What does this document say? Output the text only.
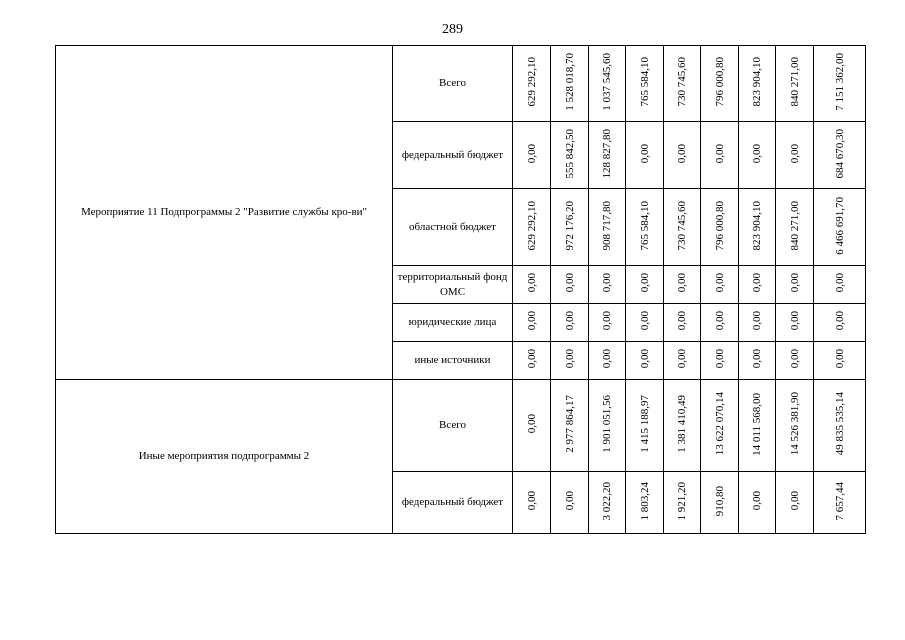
289
Мероприятие 11 Подпрограммы 2 "Развитие службы кро-ви"	Всего	629 292,10	1 528 018,70	1 037 545,60	765 584,10	730 745,60	796 000,80	823 904,10	840 271,00	7 151 362,00
	федеральный бюджет	0,00	555 842,50	128 827,80	0,00	0,00	0,00	0,00	0,00	684 670,30
	областной бюджет	629 292,10	972 176,20	908 717,80	765 584,10	730 745,60	796 000,80	823 904,10	840 271,00	6 466 691,70
	территориальный фонд ОМС	0,00	0,00	0,00	0,00	0,00	0,00	0,00	0,00	0,00
	юридические лица	0,00	0,00	0,00	0,00	0,00	0,00	0,00	0,00	0,00
	иные источники	0,00	0,00	0,00	0,00	0,00	0,00	0,00	0,00	0,00
Иные мероприятия подпрограммы 2	Всего	0,00	2 977 864,17	1 901 051,56	1 415 188,97	1 381 410,49	13 622 070,14	14 011 568,00	14 526 381,90	49 835 535,14
	федеральный бюджет	0,00	0,00	3 022,20	1 803,24	1 921,20	910,80	0,00	0,00	7 657,44
